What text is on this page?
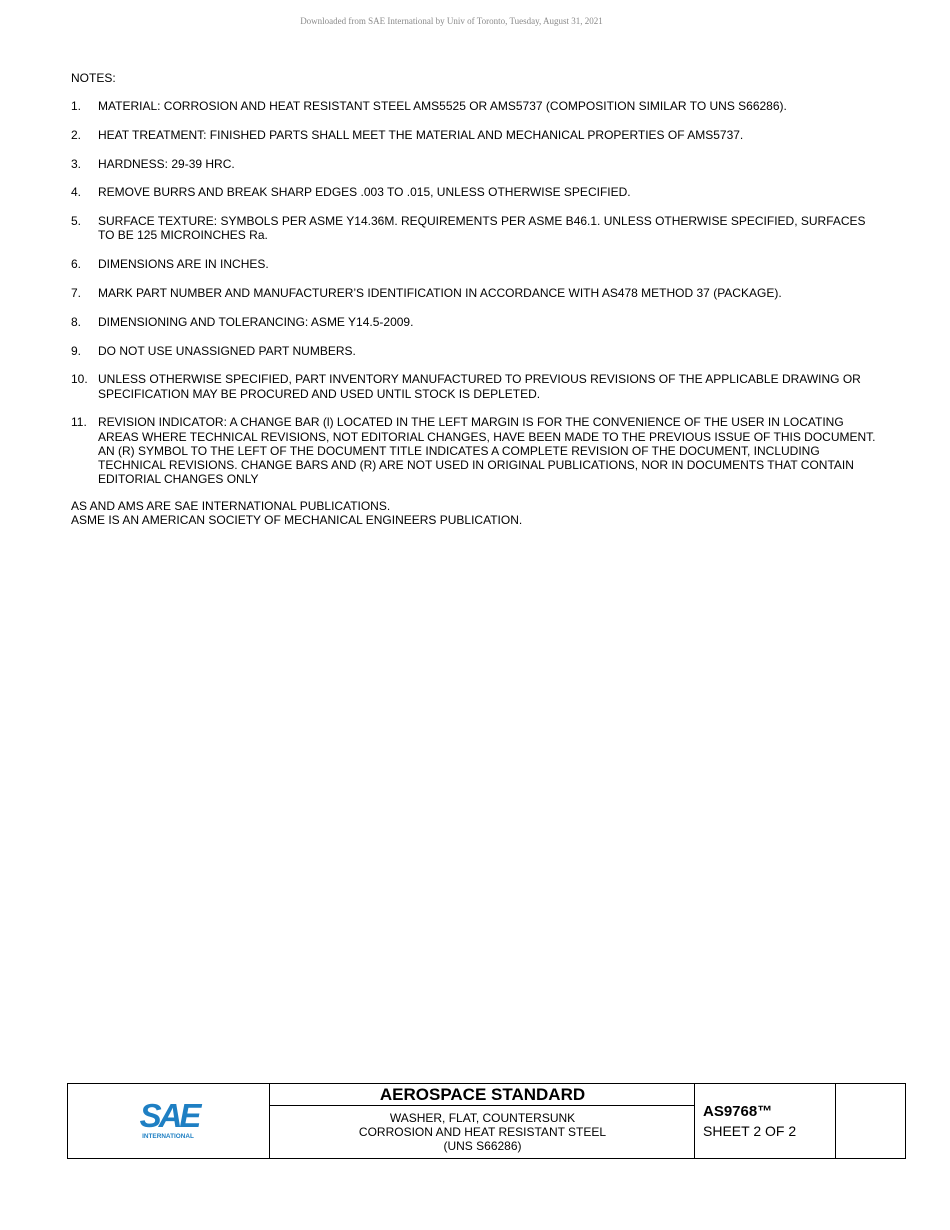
Downloaded from SAE International by Univ of Toronto, Tuesday, August 31, 2021
NOTES:
1.	MATERIAL: CORROSION AND HEAT RESISTANT STEEL AMS5525 OR AMS5737 (COMPOSITION SIMILAR TO UNS S66286).
2.	HEAT TREATMENT: FINISHED PARTS SHALL MEET THE MATERIAL AND MECHANICAL PROPERTIES OF AMS5737.
3.	HARDNESS: 29-39 HRC.
4.	REMOVE BURRS AND BREAK SHARP EDGES .003 TO .015, UNLESS OTHERWISE SPECIFIED.
5.	SURFACE TEXTURE: SYMBOLS PER ASME Y14.36M. REQUIREMENTS PER ASME B46.1. UNLESS OTHERWISE SPECIFIED, SURFACES TO BE 125 MICROINCHES Ra.
6.	DIMENSIONS ARE IN INCHES.
7.	MARK PART NUMBER AND MANUFACTURER’S IDENTIFICATION IN ACCORDANCE WITH AS478 METHOD 37 (PACKAGE).
8.	DIMENSIONING AND TOLERANCING: ASME Y14.5-2009.
9.	DO NOT USE UNASSIGNED PART NUMBERS.
10. UNLESS OTHERWISE SPECIFIED, PART INVENTORY MANUFACTURED TO PREVIOUS REVISIONS OF THE APPLICABLE DRAWING OR SPECIFICATION MAY BE PROCURED AND USED UNTIL STOCK IS DEPLETED.
11. REVISION INDICATOR: A CHANGE BAR (l) LOCATED IN THE LEFT MARGIN IS FOR THE CONVENIENCE OF THE USER IN LOCATING AREAS WHERE TECHNICAL REVISIONS, NOT EDITORIAL CHANGES, HAVE BEEN MADE TO THE PREVIOUS ISSUE OF THIS DOCUMENT. AN (R) SYMBOL TO THE LEFT OF THE DOCUMENT TITLE INDICATES A COMPLETE REVISION OF THE DOCUMENT, INCLUDING TECHNICAL REVISIONS. CHANGE BARS AND (R) ARE NOT USED IN ORIGINAL PUBLICATIONS, NOR IN DOCUMENTS THAT CONTAIN EDITORIAL CHANGES ONLY
AS AND AMS ARE SAE INTERNATIONAL PUBLICATIONS.
ASME IS AN AMERICAN SOCIETY OF MECHANICAL ENGINEERS PUBLICATION.
SAE
INTERNATIONAL
AEROSPACE STANDARD
WASHER, FLAT, COUNTERSUNK
CORROSION AND HEAT RESISTANT STEEL
(UNS S66286)
AS9768™
SHEET 2 OF 2
